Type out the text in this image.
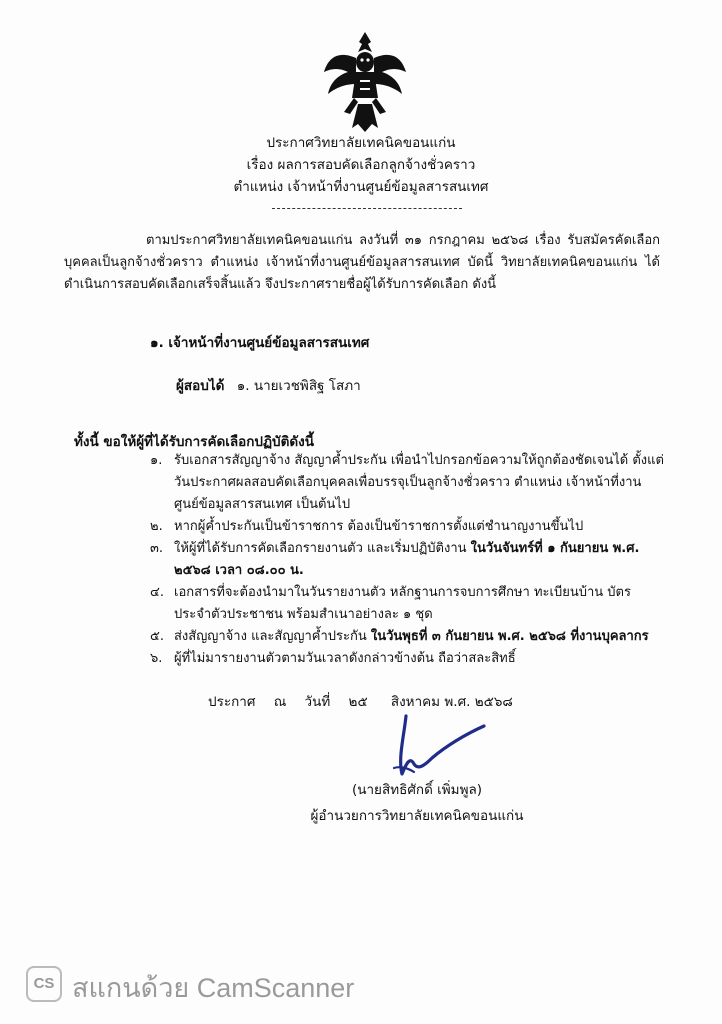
ประกาศวิทยาลัยเทคนิคขอนแก่น
เรื่อง ผลการสอบคัดเลือกลูกจ้างชั่วคราว
ตำแหน่ง เจ้าหน้าที่งานศูนย์ข้อมูลสารสนเทศ
ตามประกาศวิทยาลัยเทคนิคขอนแก่น ลงวันที่ ๓๑ กรกฎาคม ๒๕๖๘ เรื่อง รับสมัครคัดเลือกบุคคลเป็นลูกจ้างชั่วคราว ตำแหน่ง เจ้าหน้าที่งานศูนย์ข้อมูลสารสนเทศ บัดนี้ วิทยาลัยเทคนิคขอนแก่น ได้ดำเนินการสอบคัดเลือกเสร็จสิ้นแล้ว จึงประกาศรายชื่อผู้ได้รับการคัดเลือก ดังนี้
๑. เจ้าหน้าที่งานศูนย์ข้อมูลสารสนเทศ
ผู้สอบได้ ๑. นายเวชพิสิฐ โสภา
ทั้งนี้ ขอให้ผู้ที่ได้รับการคัดเลือกปฏิบัติดังนี้
๑. รับเอกสารสัญญาจ้าง สัญญาค้ำประกัน เพื่อนำไปกรอกข้อความให้ถูกต้องชัดเจนได้ ตั้งแต่วันประกาศผลสอบคัดเลือกบุคคลเพื่อบรรจุเป็นลูกจ้างชั่วคราว ตำแหน่ง เจ้าหน้าที่งานศูนย์ข้อมูลสารสนเทศ เป็นต้นไป
๒. หากผู้ค้ำประกันเป็นข้าราชการ ต้องเป็นข้าราชการตั้งแต่ชำนาญงานขึ้นไป
๓. ให้ผู้ที่ได้รับการคัดเลือกรายงานตัว และเริ่มปฏิบัติงาน ในวันจันทร์ที่ ๑ กันยายน พ.ศ. ๒๕๖๘ เวลา ๐๘.๐๐ น.
๔. เอกสารที่จะต้องนำมาในวันรายงานตัว หลักฐานการจบการศึกษา ทะเบียนบ้าน บัตรประจำตัวประชาชน พร้อมสำเนาอย่างละ ๑ ชุด
๕. ส่งสัญญาจ้าง และสัญญาค้ำประกัน ในวันพุธที่ ๓ กันยายน พ.ศ. ๒๕๖๘ ที่งานบุคลากร
๖. ผู้ที่ไม่มารายงานตัวตามวันเวลาดังกล่าวข้างต้น ถือว่าสละสิทธิ์
ประกาศ ณ วันที่ ๒๕ สิงหาคม พ.ศ. ๒๕๖๘
(นายสิทธิศักดิ์ เพิ่มพูล)
ผู้อำนวยการวิทยาลัยเทคนิคขอนแก่น
CS สแกนด้วย CamScanner
